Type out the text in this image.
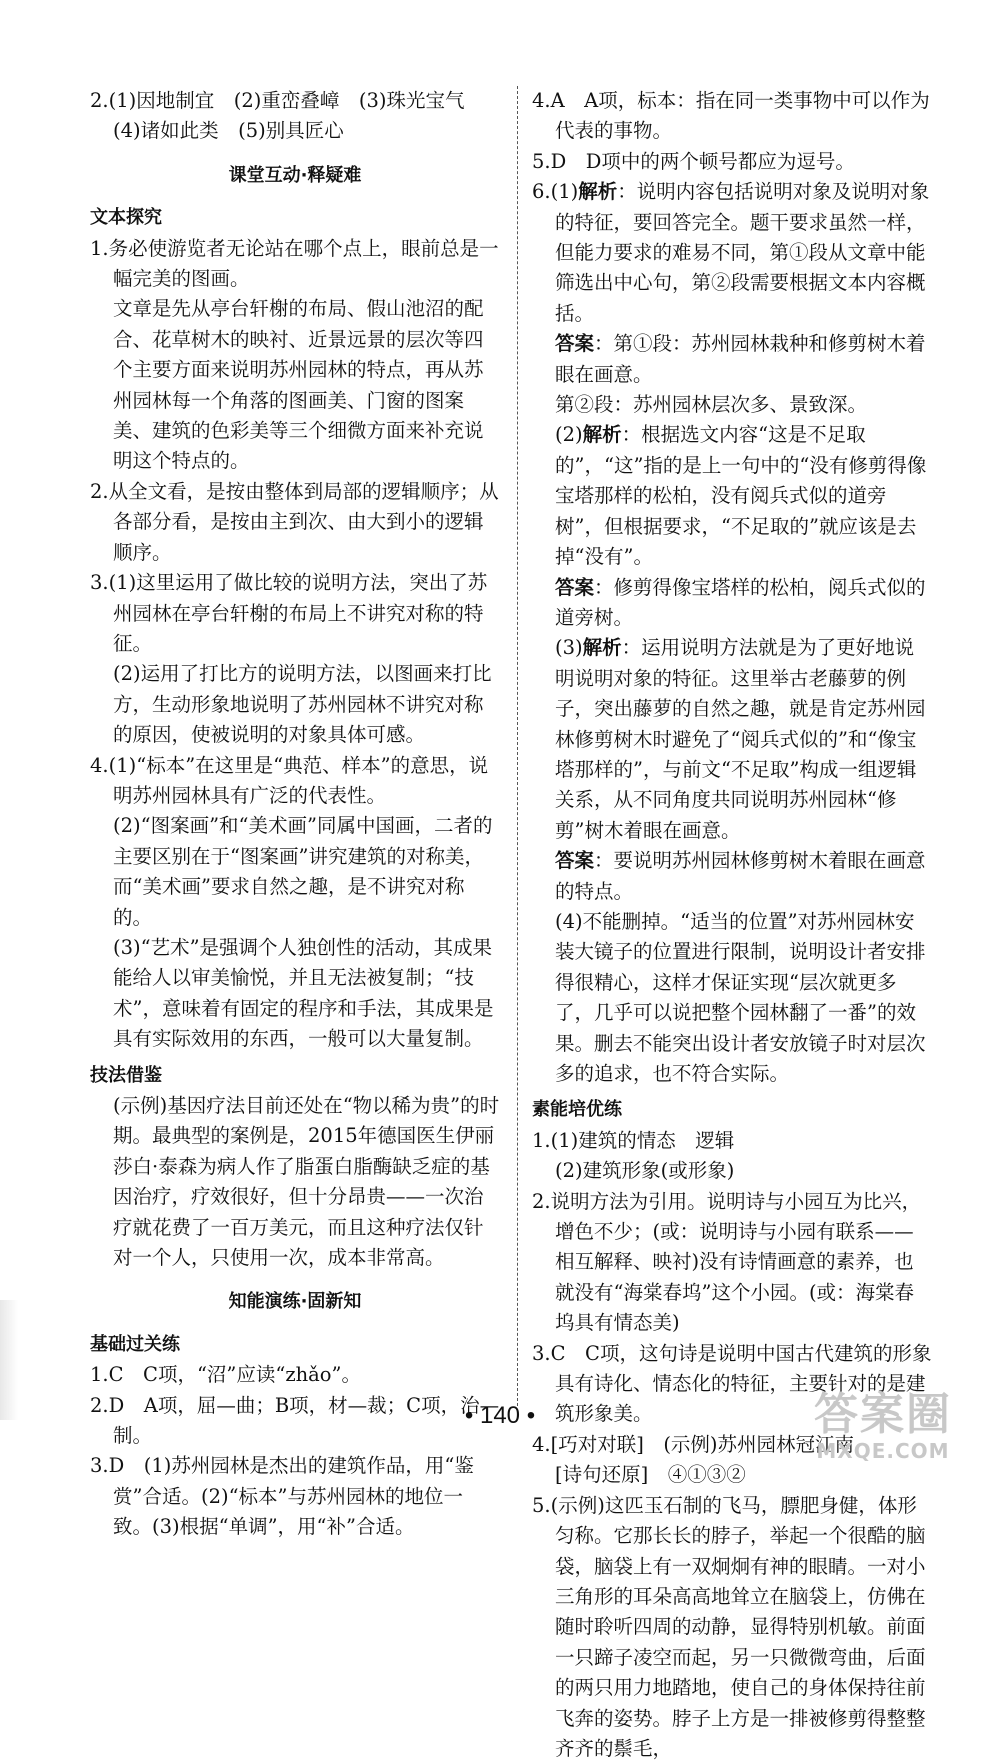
2.(1)因地制宜　(2)重峦叠嶂　(3)珠光宝气　(4)诸如此类　(5)别具匠心
课堂互动·释疑难
文本探究
1.务必使游览者无论站在哪个点上，眼前总是一幅完美的图画。
文章是先从亭台轩榭的布局、假山池沼的配合、花草树木的映衬、近景远景的层次等四个主要方面来说明苏州园林的特点，再从苏州园林每一个角落的图画美、门窗的图案美、建筑的色彩美等三个细微方面来补充说明这个特点的。
2.从全文看，是按由整体到局部的逻辑顺序；从各部分看，是按由主到次、由大到小的逻辑顺序。
3.(1)这里运用了做比较的说明方法，突出了苏州园林在亭台轩榭的布局上不讲究对称的特征。
(2)运用了打比方的说明方法，以图画来打比方，生动形象地说明了苏州园林不讲究对称的原因，使被说明的对象具体可感。
4.(1)“标本”在这里是“典范、样本”的意思，说明苏州园林具有广泛的代表性。
(2)“图案画”和“美术画”同属中国画，二者的主要区别在于“图案画”讲究建筑的对称美，而“美术画”要求自然之趣，是不讲究对称的。
(3)“艺术”是强调个人独创性的活动，其成果能给人以审美愉悦，并且无法被复制；“技术”，意味着有固定的程序和手法，其成果是具有实际效用的东西，一般可以大量复制。
技法借鉴
(示例)基因疗法目前还处在“物以稀为贵”的时期。最典型的案例是，2015年德国医生伊丽莎白·泰森为病人作了脂蛋白脂酶缺乏症的基因治疗，疗效很好，但十分昂贵——一次治疗就花费了一百万美元，而且这种疗法仅针对一个人，只使用一次，成本非常高。
知能演练·固新知
基础过关练
1.C　C项，“沼”应读“zhǎo”。
2.D　A项，屈—曲；B项，材—裁；C项，治—制。
3.D　(1)苏州园林是杰出的建筑作品，用“鉴赏”合适。(2)“标本”与苏州园林的地位一致。(3)根据“单调”，用“补”合适。
4.A　A项，标本：指在同一类事物中可以作为代表的事物。
5.D　D项中的两个顿号都应为逗号。
6.(1)解析：说明内容包括说明对象及说明对象的特征，要回答完全。题干要求虽然一样，但能力要求的难易不同，第①段从文章中能筛选出中心句，第②段需要根据文本内容概括。
答案：第①段：苏州园林栽种和修剪树木着眼在画意。
第②段：苏州园林层次多、景致深。
(2)解析：根据选文内容“这是不足取的”，“这”指的是上一句中的“没有修剪得像宝塔那样的松柏，没有阅兵式似的道旁树”，但根据要求，“不足取的”就应该是去掉“没有”。
答案：修剪得像宝塔样的松柏，阅兵式似的道旁树。
(3)解析：运用说明方法就是为了更好地说明说明对象的特征。这里举古老藤萝的例子，突出藤萝的自然之趣，就是肯定苏州园林修剪树木时避免了“阅兵式似的”和“像宝塔那样的”，与前文“不足取”构成一组逻辑关系，从不同角度共同说明苏州园林“修剪”树木着眼在画意。
答案：要说明苏州园林修剪树木着眼在画意的特点。
(4)不能删掉。“适当的位置”对苏州园林安装大镜子的位置进行限制，说明设计者安排得很精心，这样才保证实现“层次就更多了，几乎可以说把整个园林翻了一番”的效果。删去不能突出设计者安放镜子时对层次多的追求，也不符合实际。
素能培优练
1.(1)建筑的情态　逻辑
(2)建筑形象(或形象)
2.说明方法为引用。说明诗与小园互为比兴，增色不少；(或：说明诗与小园有联系——相互解释、映衬)没有诗情画意的素养，也就没有“海棠春坞”这个小园。(或：海棠春坞具有情态美)
3.C　C项，这句诗是说明中国古代建筑的形象具有诗化、情态化的特征，主要针对的是建筑形象美。
4.[巧对对联]　(示例)苏州园林冠江南
[诗句还原]　④①③②
5.(示例)这匹玉石制的飞马，膘肥身健，体形匀称。它那长长的脖子，举起一个很酷的脑袋，脑袋上有一双炯炯有神的眼睛。一对小三角形的耳朵高高地耸立在脑袋上，仿佛在随时聆听四周的动静，显得特别机敏。前面一只蹄子凌空而起，另一只微微弯曲，后面的两只用力地踏地，使自己的身体保持往前飞奔的姿势。脖子上方是一排被修剪得整整齐齐的鬃毛，
• 140 •	答案圈
MXQE.COM
